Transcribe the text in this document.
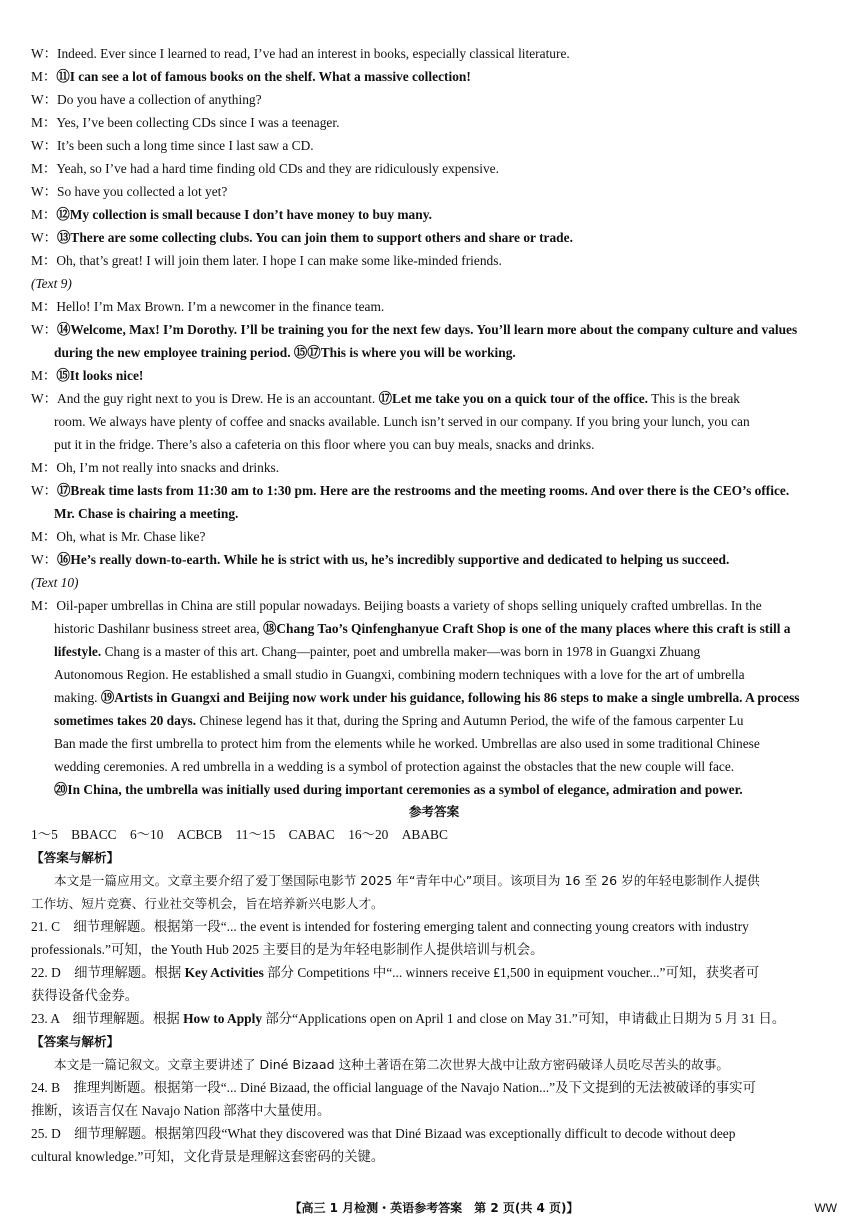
W：Indeed. Ever since I learned to read, I’ve had an interest in books, especially classical literature.
M：⑪I can see a lot of famous books on the shelf. What a massive collection!
W：Do you have a collection of anything?
M：Yes, I’ve been collecting CDs since I was a teenager.
W：It’s been such a long time since I last saw a CD.
M：Yeah, so I’ve had a hard time finding old CDs and they are ridiculously expensive.
W：So have you collected a lot yet?
M：⑫My collection is small because I don’t have money to buy many.
W：⑬There are some collecting clubs. You can join them to support others and share or trade.
M：Oh, that’s great! I will join them later. I hope I can make some like-minded friends.
(Text 9)
M：Hello! I’m Max Brown. I’m a newcomer in the finance team.
W：⑭Welcome, Max! I’m Dorothy. I’ll be training you for the next few days. You’ll learn more about the company culture and values
during the new employee training period. ⑮⑰This is where you will be working.
M：⑮It looks nice!
W：And the guy right next to you is Drew. He is an accountant. ⑰Let me take you on a quick tour of the office. This is the break
room. We always have plenty of coffee and snacks available. Lunch isn’t served in our company. If you bring your lunch, you can
put it in the fridge. There’s also a cafeteria on this floor where you can buy meals, snacks and drinks.
M：Oh, I’m not really into snacks and drinks.
W：⑰Break time lasts from 11:30 am to 1:30 pm. Here are the restrooms and the meeting rooms. And over there is the CEO’s office.
Mr. Chase is chairing a meeting.
M：Oh, what is Mr. Chase like?
W：⑯He’s really down-to-earth. While he is strict with us, he’s incredibly supportive and dedicated to helping us succeed.
(Text 10)
M：Oil-paper umbrellas in China are still popular nowadays. Beijing boasts a variety of shops selling uniquely crafted umbrellas. In the
historic Dashilanr business street area, ⑱Chang Tao’s Qinfenghanyue Craft Shop is one of the many places where this craft is still a
lifestyle. Chang is a master of this art. Chang—painter, poet and umbrella maker—was born in 1978 in Guangxi Zhuang
Autonomous Region. He established a small studio in Guangxi, combining modern techniques with a love for the art of umbrella
making. ⑲Artists in Guangxi and Beijing now work under his guidance, following his 86 steps to make a single umbrella. A process
sometimes takes 20 days. Chinese legend has it that, during the Spring and Autumn Period, the wife of the famous carpenter Lu
Ban made the first umbrella to protect him from the elements while he worked. Umbrellas are also used in some traditional Chinese
wedding ceremonies. A red umbrella in a wedding is a symbol of protection against the obstacles that the new couple will face.
⑳In China, the umbrella was initially used during important ceremonies as a symbol of elegance, admiration and power.
参考答案
1～5　BBACC　6～10　ACBCB　11～15　CABAC　16～20　ABABC
【答案与解析】
本文是一篇应用文。文章主要介绍了爱丁堡国际电影节 2025 年“青年中心”项目。该项目为 16 至 26 岁的年轻电影制作人提供
工作坊、短片竞赛、行业社交等机会，旨在培养新兴电影人才。
21. C　细节理解题。根据第一段“... the event is intended for fostering emerging talent and connecting young creators with industry
professionals.”可知，the Youth Hub 2025 主要目的是为年轻电影制作人提供培训与机会。
22. D　细节理解题。根据 Key Activities 部分 Competitions 中“... winners receive ₤1,500 in equipment voucher...”可知，获奖者可
获得设备代金券。
23. A　细节理解题。根据 How to Apply 部分“Applications open on April 1 and close on May 31.”可知，申请截止日期为 5 月 31 日。
【答案与解析】
本文是一篇记叙文。文章主要讲述了 Diné Bizaad 这种土著语在第二次世界大战中让敌方密码破译人员吃尽苦头的故事。
24. B　推理判断题。根据第一段“... Diné Bizaad, the official language of the Navajo Nation...”及下文提到的无法被破译的事实可
推断，该语言仅在 Navajo Nation 部落中大量使用。
25. D　细节理解题。根据第四段“What they discovered was that Diné Bizaad was exceptionally difficult to decode without deep
cultural knowledge.”可知，文化背景是理解这套密码的关键。
【高三 1 月检测・英语参考答案　第 2 页(共 4 页)】	WW
